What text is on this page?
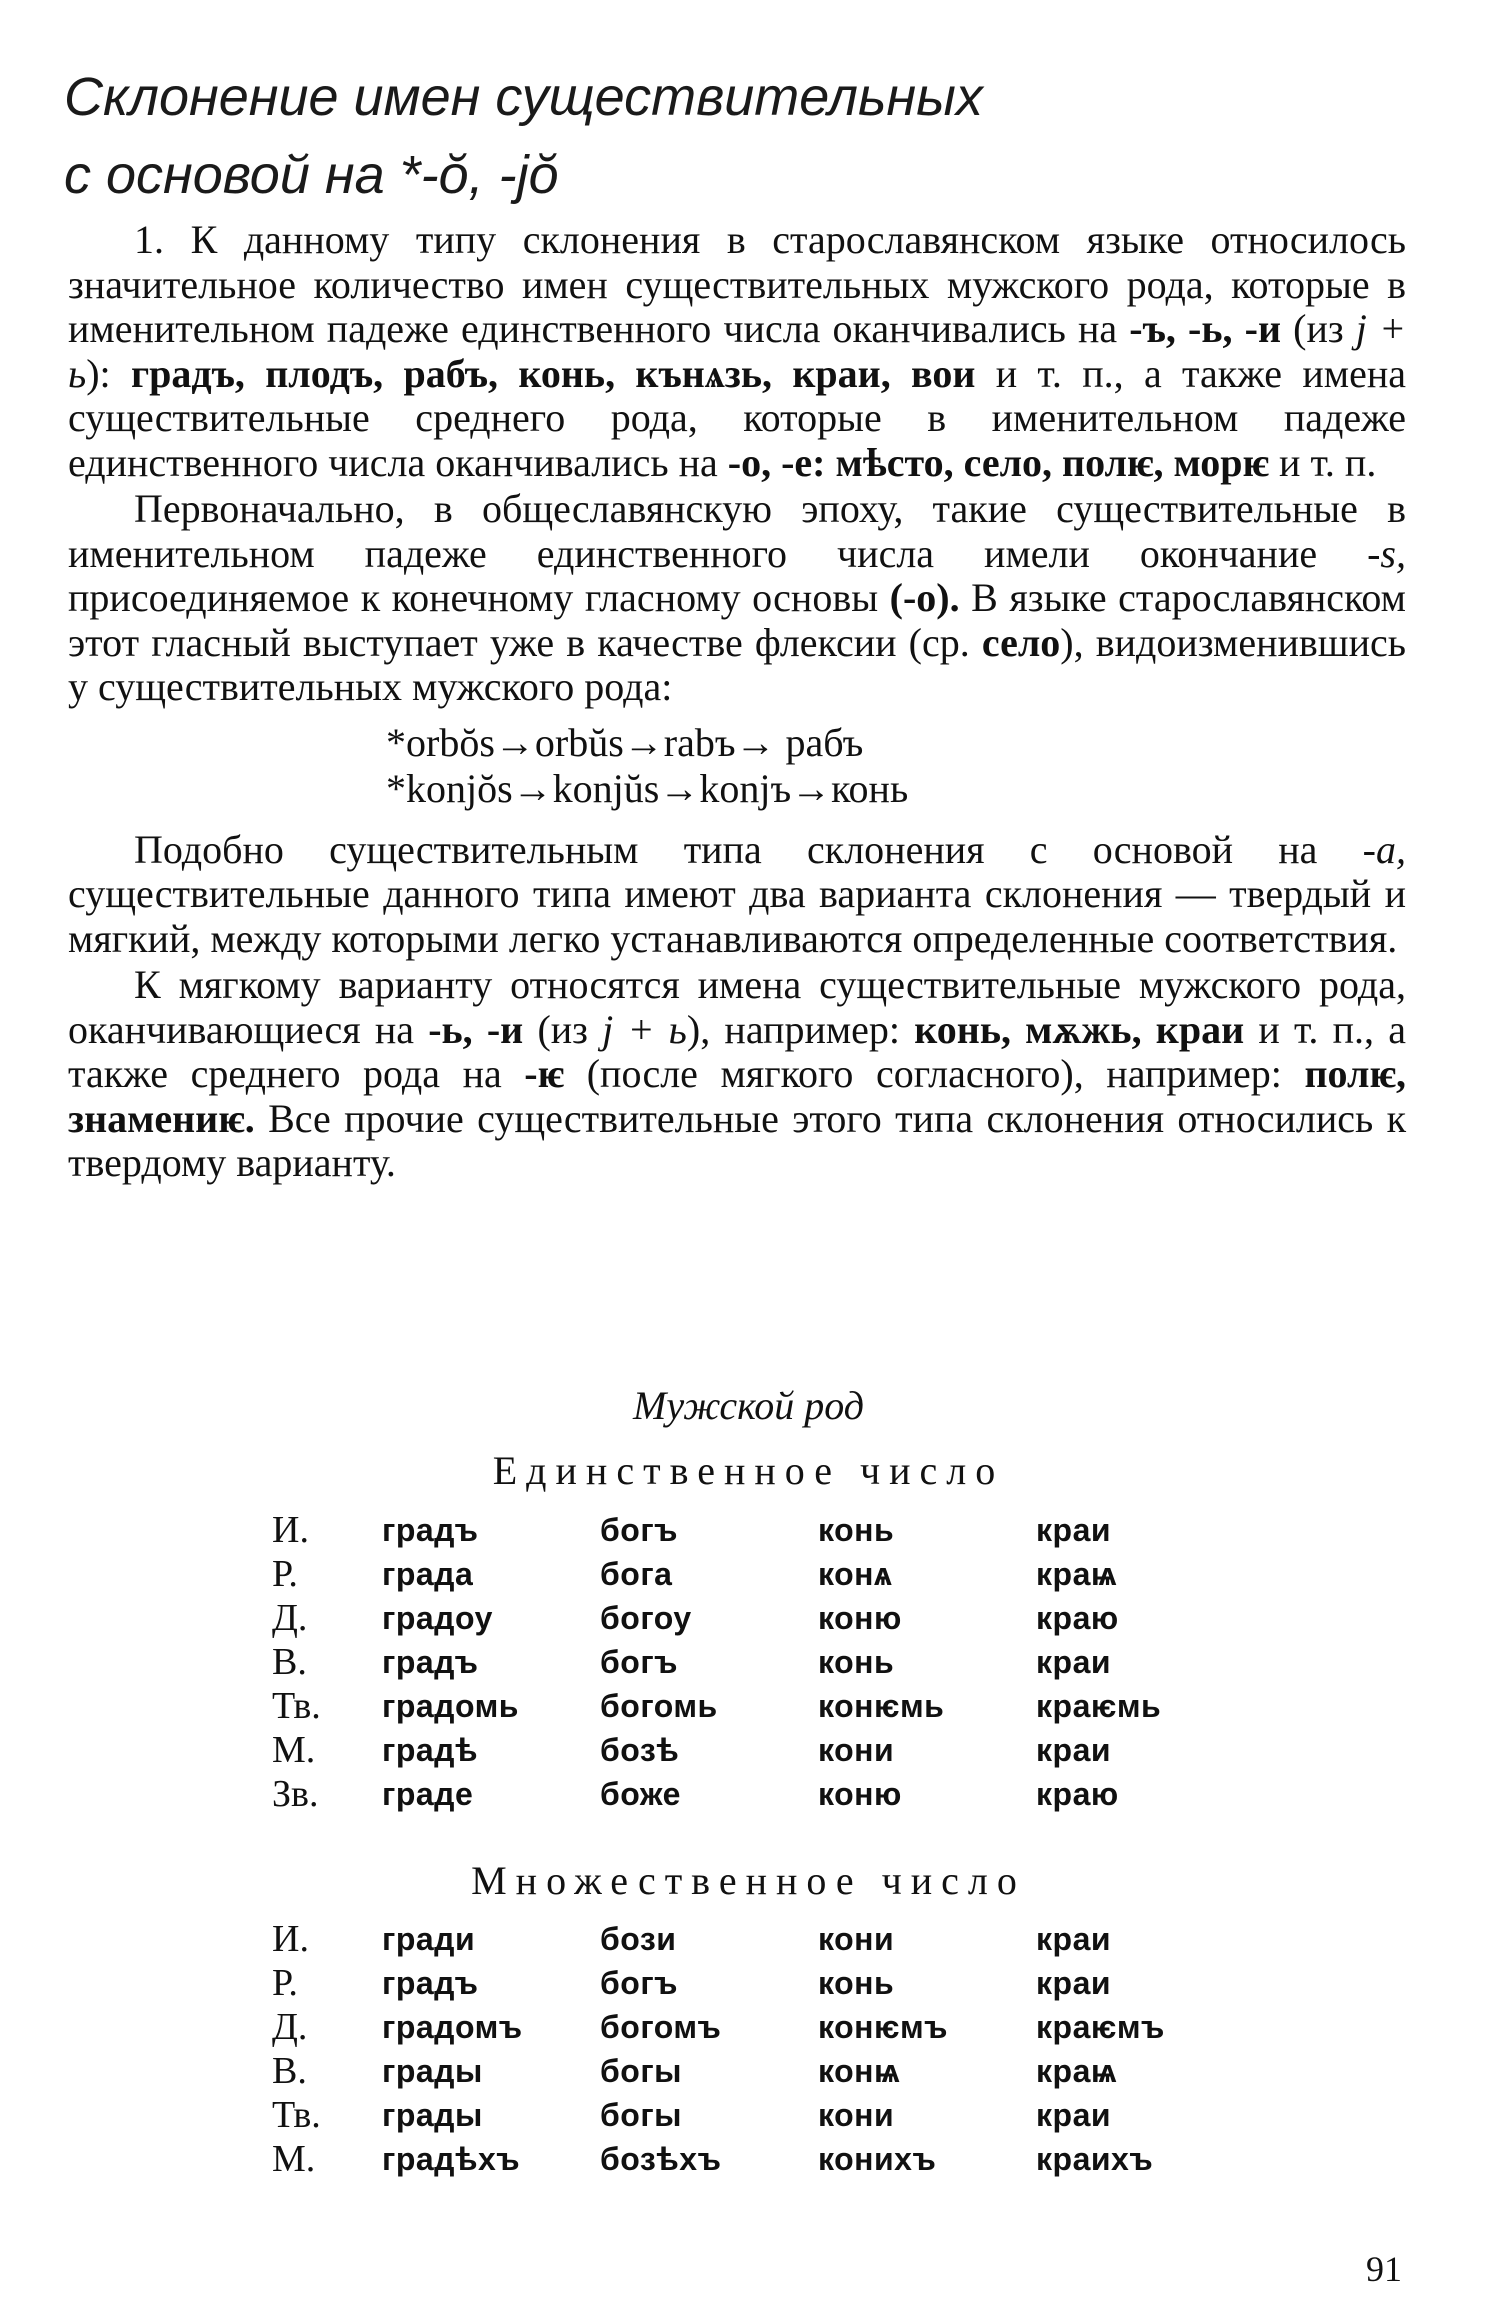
Склонение имен существительных
с основой на *-ŏ, -jŏ

1. К данному типу склонения в старославянском языке относилось значительное количество имен существительных мужского рода, которые в именительном падеже единственного числа оканчивались на -ъ, -ь, -и (из j + ь): градъ, плодъ, рабъ, конь, кънѧзь, краи, вои и т. п., а также имена существительные среднего рода, которые в именительном падеже единственного числа оканчивались на -о, -е: мѣсто, село, полѥ, морѥ и т. п.

Первоначально, в общеславянскую эпоху, такие существительные в именительном падеже единственного числа имели окончание -s, присоединяемое к конечному гласному основы (-о). В языке старославянском этот гласный выступает уже в качестве флексии (ср. село), видоизменившись у существительных мужского рода:

*orbŏs→orbŭs→rabъ→ рабъ
*konjŏs→konjŭs→konjъ→конь

Подобно существительным типа склонения с основой на -а, существительные данного типа имеют два варианта склонения — твердый и мягкий, между которыми легко устанавливаются определенные соответствия.

К мягкому варианту относятся имена существительные мужского рода, оканчивающиеся на -ь, -и (из j + ь), например: конь, мѫжь, краи и т. п., а также среднего рода на -ѥ (после мягкого согласного), например: полѥ, знамениѥ. Все прочие существительные этого типа склонения относились к твердому варианту.

Мужской род
Единственное число
И.	градъ	богъ	конь	краи
Р.	града	бога	конѧ	краѩ
Д.	градоу	богоу	коню	краю
В.	градъ	богъ	конь	краи
Тв.	градомь	богомь	конѥмь	краѥмь
М.	градѣ	бозѣ	кони	краи
Зв.	граде	боже	коню	краю
Множественное число
И.	гради	бози	кони	краи
Р.	градъ	богъ	конь	краи
Д.	градомъ	богомъ	конѥмъ	краѥмъ
В.	грады	богы	конѩ	краѩ
Тв.	грады	богы	кони	краи
М.	градѣхъ	бозѣхъ	конихъ	краихъ
91
